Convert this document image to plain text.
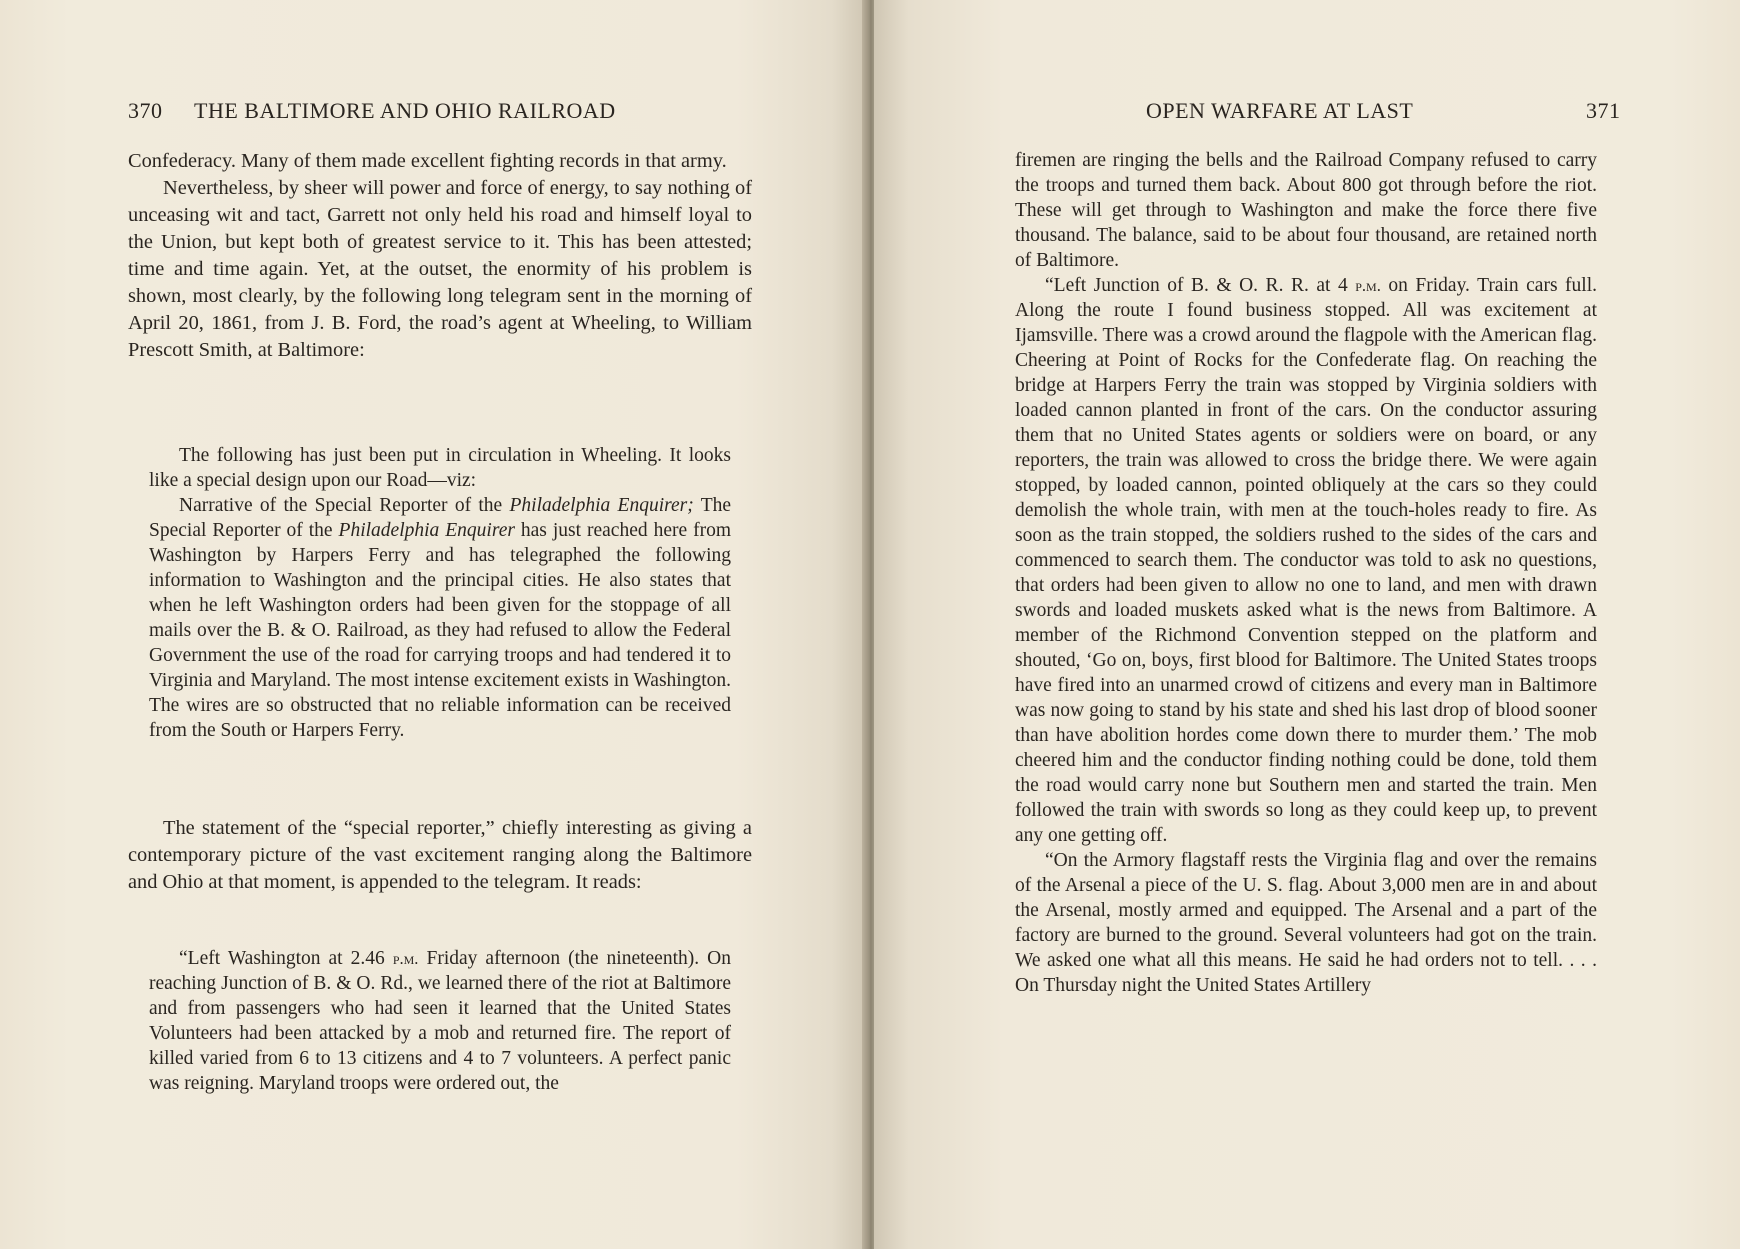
370 THE BALTIMORE AND OHIO RAILROAD

Confederacy. Many of them made excellent fighting records in that army.

Nevertheless, by sheer will power and force of energy, to say nothing of unceasing wit and tact, Garrett not only held his road and himself loyal to the Union, but kept both of greatest service to it. This has been attested; time and time again. Yet, at the outset, the enormity of his problem is shown, most clearly, by the following long telegram sent in the morning of April 20, 1861, from J. B. Ford, the road’s agent at Wheeling, to William Prescott Smith, at Baltimore:

The following has just been put in circulation in Wheeling. It looks like a special design upon our Road—viz:

Narrative of the Special Reporter of the Philadelphia Enquirer; The Special Reporter of the Philadelphia Enquirer has just reached here from Washington by Harpers Ferry and has telegraphed the following information to Washington and the principal cities. He also states that when he left Washington orders had been given for the stoppage of all mails over the B. & O. Railroad, as they had refused to allow the Federal Government the use of the road for carrying troops and had tendered it to Virginia and Maryland. The most intense excitement exists in Washington. The wires are so obstructed that no reliable information can be received from the South or Harpers Ferry.

The statement of the “special reporter,” chiefly interesting as giving a contemporary picture of the vast excitement ranging along the Baltimore and Ohio at that moment, is appended to the telegram. It reads:

“Left Washington at 2.46 p.m. Friday afternoon (the nineteenth). On reaching Junction of B. & O. Rd., we learned there of the riot at Baltimore and from passengers who had seen it learned that the United States Volunteers had been attacked by a mob and returned fire. The report of killed varied from 6 to 13 citizens and 4 to 7 volunteers. A perfect panic was reigning. Maryland troops were ordered out, the

OPEN WARFARE AT LAST	371

firemen are ringing the bells and the Railroad Company refused to carry the troops and turned them back. About 800 got through before the riot. These will get through to Washington and make the force there five thousand. The balance, said to be about four thousand, are retained north of Baltimore.

“Left Junction of B. & O. R. R. at 4 p.m. on Friday. Train cars full. Along the route I found business stopped. All was excitement at Ijamsville. There was a crowd around the flagpole with the American flag. Cheering at Point of Rocks for the Confederate flag. On reaching the bridge at Harpers Ferry the train was stopped by Virginia soldiers with loaded cannon planted in front of the cars. On the conductor assuring them that no United States agents or soldiers were on board, or any reporters, the train was allowed to cross the bridge there. We were again stopped, by loaded cannon, pointed obliquely at the cars so they could demolish the whole train, with men at the touch-holes ready to fire. As soon as the train stopped, the soldiers rushed to the sides of the cars and commenced to search them. The conductor was told to ask no questions, that orders had been given to allow no one to land, and men with drawn swords and loaded muskets asked what is the news from Baltimore. A member of the Richmond Convention stepped on the platform and shouted, ‘Go on, boys, first blood for Baltimore. The United States troops have fired into an unarmed crowd of citizens and every man in Baltimore was now going to stand by his state and shed his last drop of blood sooner than have abolition hordes come down there to murder them.’ The mob cheered him and the conductor finding nothing could be done, told them the road would carry none but Southern men and started the train. Men followed the train with swords so long as they could keep up, to prevent any one getting off.

“On the Armory flagstaff rests the Virginia flag and over the remains of the Arsenal a piece of the U. S. flag. About 3,000 men are in and about the Arsenal, mostly armed and equipped. The Arsenal and a part of the factory are burned to the ground. Several volunteers had got on the train. We asked one what all this means. He said he had orders not to tell. . . . On Thursday night the United States Artillery
